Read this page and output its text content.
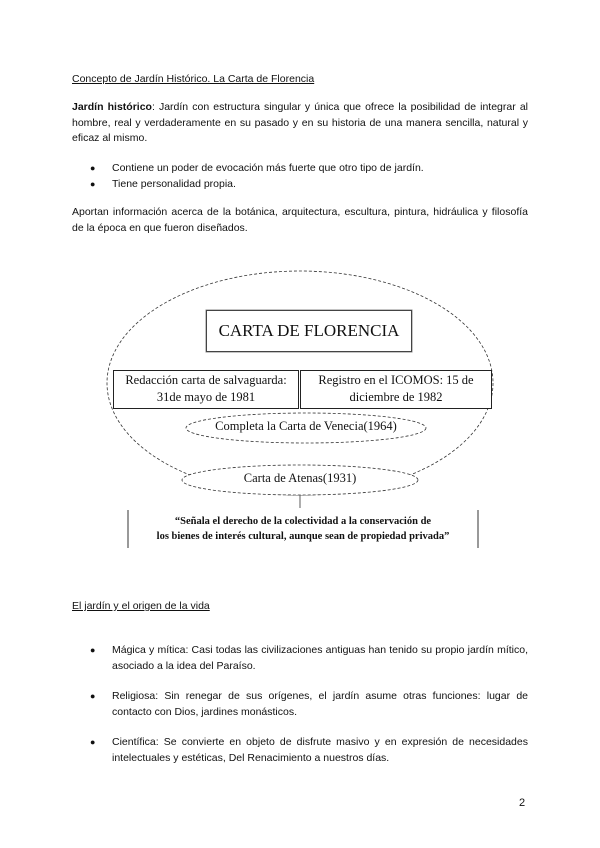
Concepto de Jardín Histórico. La Carta de Florencia
Jardín histórico: Jardín con estructura singular y única que ofrece la posibilidad de integrar al hombre, real y verdaderamente en su pasado y en su historia de una manera sencilla, natural y eficaz al mismo.
● Contiene un poder de evocación más fuerte que otro tipo de jardín.
● Tiene personalidad propia.
Aportan información acerca de la botánica, arquitectura, escultura, pintura, hidráulica y filosofía de la época en que fueron diseñados.
CARTA DE FLORENCIA
Redacción carta de salvaguarda:
31de mayo de 1981
Registro en el ICOMOS: 15 de
diciembre de 1982
Completa la Carta de Venecia(1964)
Carta de Atenas(1931)
“Señala el derecho de la colectividad a la conservación de
los bienes de interés cultural, aunque sean de propiedad privada”
El jardín y el origen de la vida
● Mágica y mítica: Casi todas las civilizaciones antiguas han tenido su propio jardín mítico, asociado a la idea del Paraíso.
● Religiosa: Sin renegar de sus orígenes, el jardín asume otras funciones: lugar de contacto con Dios, jardines monásticos.
● Científica: Se convierte en objeto de disfrute masivo y en expresión de necesidades intelectuales y estéticas, Del Renacimiento a nuestros días.
2
